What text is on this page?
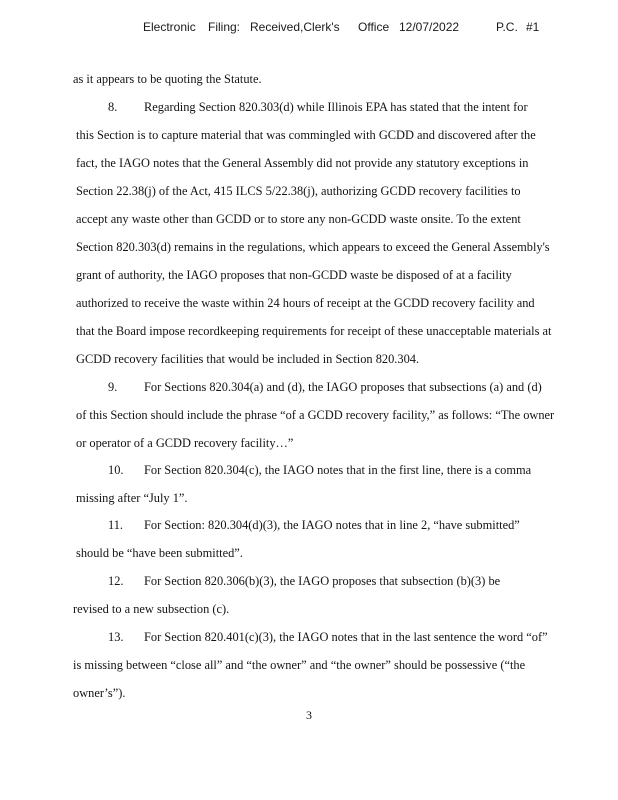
Electronic Filing: Received,Clerk's Office 12/07/2022	P.C. #1
as it appears to be quoting the Statute.
8. Regarding Section 820.303(d) while Illinois EPA has stated that the intent for
this Section is to capture material that was commingled with GCDD and discovered after the
fact, the IAGO notes that the General Assembly did not provide any statutory exceptions in
Section 22.38(j) of the Act, 415 ILCS 5/22.38(j), authorizing GCDD recovery facilities to
accept any waste other than GCDD or to store any non-GCDD waste onsite. To the extent
Section 820.303(d) remains in the regulations, which appears to exceed the General Assembly's
grant of authority, the IAGO proposes that non-GCDD waste be disposed of at a facility
authorized to receive the waste within 24 hours of receipt at the GCDD recovery facility and
that the Board impose recordkeeping requirements for receipt of these unacceptable materials at
GCDD recovery facilities that would be included in Section 820.304.
9. For Sections 820.304(a) and (d), the IAGO proposes that subsections (a) and (d)
of this Section should include the phrase “of a GCDD recovery facility,” as follows: “The owner
or operator of a GCDD recovery facility…”
10. For Section 820.304(c), the IAGO notes that in the first line, there is a comma
missing after “July 1”.
11. For Section: 820.304(d)(3), the IAGO notes that in line 2, “have submitted”
should be “have been submitted”.
12. For Section 820.306(b)(3), the IAGO proposes that subsection (b)(3) be
revised to a new subsection (c).
13. For Section 820.401(c)(3), the IAGO notes that in the last sentence the word “of”
is missing between “close all” and “the owner” and “the owner” should be possessive (“the
owner’s”).
3
